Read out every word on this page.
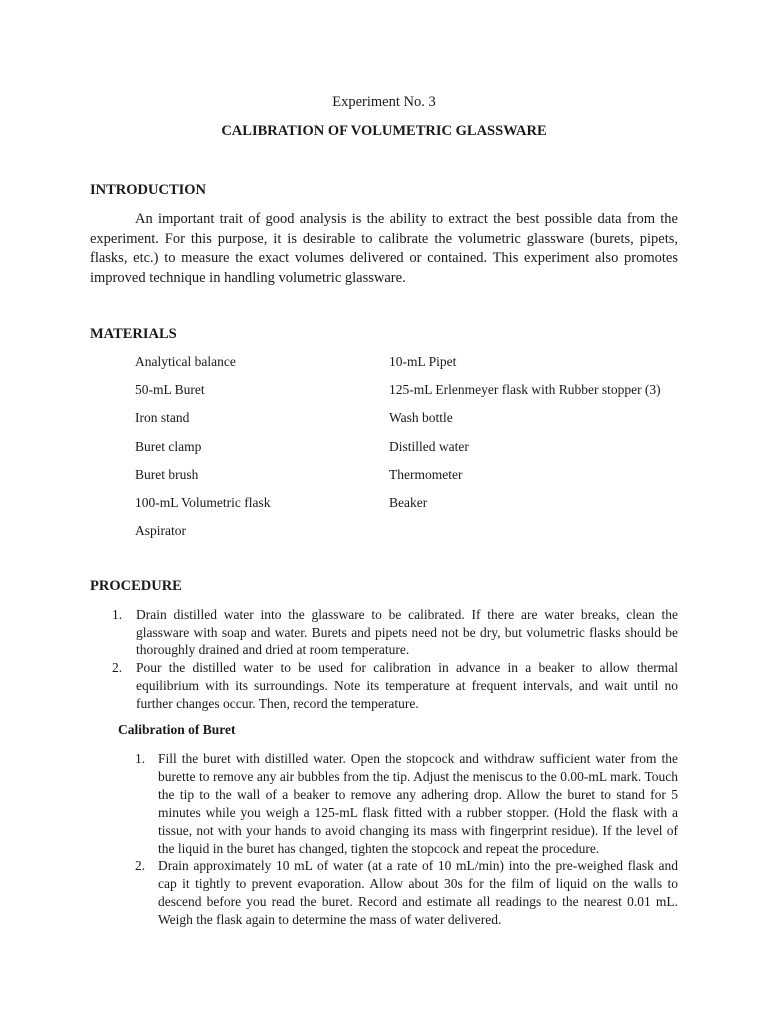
Experiment No. 3
CALIBRATION OF VOLUMETRIC GLASSWARE
INTRODUCTION

An important trait of good analysis is the ability to extract the best possible data from the experiment. For this purpose, it is desirable to calibrate the volumetric glassware (burets, pipets, flasks, etc.) to measure the exact volumes delivered or contained. This experiment also promotes improved technique in handling volumetric glassware.

MATERIALS
Analytical balance
50-mL Buret
Iron stand
Buret clamp
Buret brush
100-mL Volumetric flask
Aspirator
10-mL Pipet
125-mL Erlenmeyer flask with Rubber stopper (3)
Wash bottle
Distilled water
Thermometer
Beaker
PROCEDURE
1. Drain distilled water into the glassware to be calibrated. If there are water breaks, clean the glassware with soap and water. Burets and pipets need not be dry, but volumetric flasks should be thoroughly drained and dried at room temperature.
2. Pour the distilled water to be used for calibration in advance in a beaker to allow thermal equilibrium with its surroundings. Note its temperature at frequent intervals, and wait until no further changes occur. Then, record the temperature.
Calibration of Buret
1. Fill the buret with distilled water. Open the stopcock and withdraw sufficient water from the burette to remove any air bubbles from the tip. Adjust the meniscus to the 0.00-mL mark. Touch the tip to the wall of a beaker to remove any adhering drop. Allow the buret to stand for 5 minutes while you weigh a 125-mL flask fitted with a rubber stopper. (Hold the flask with a tissue, not with your hands to avoid changing its mass with fingerprint residue). If the level of the liquid in the buret has changed, tighten the stopcock and repeat the procedure.
2. Drain approximately 10 mL of water (at a rate of 10 mL/min) into the pre-weighed flask and cap it tightly to prevent evaporation. Allow about 30s for the film of liquid on the walls to descend before you read the buret. Record and estimate all readings to the nearest 0.01 mL. Weigh the flask again to determine the mass of water delivered.
